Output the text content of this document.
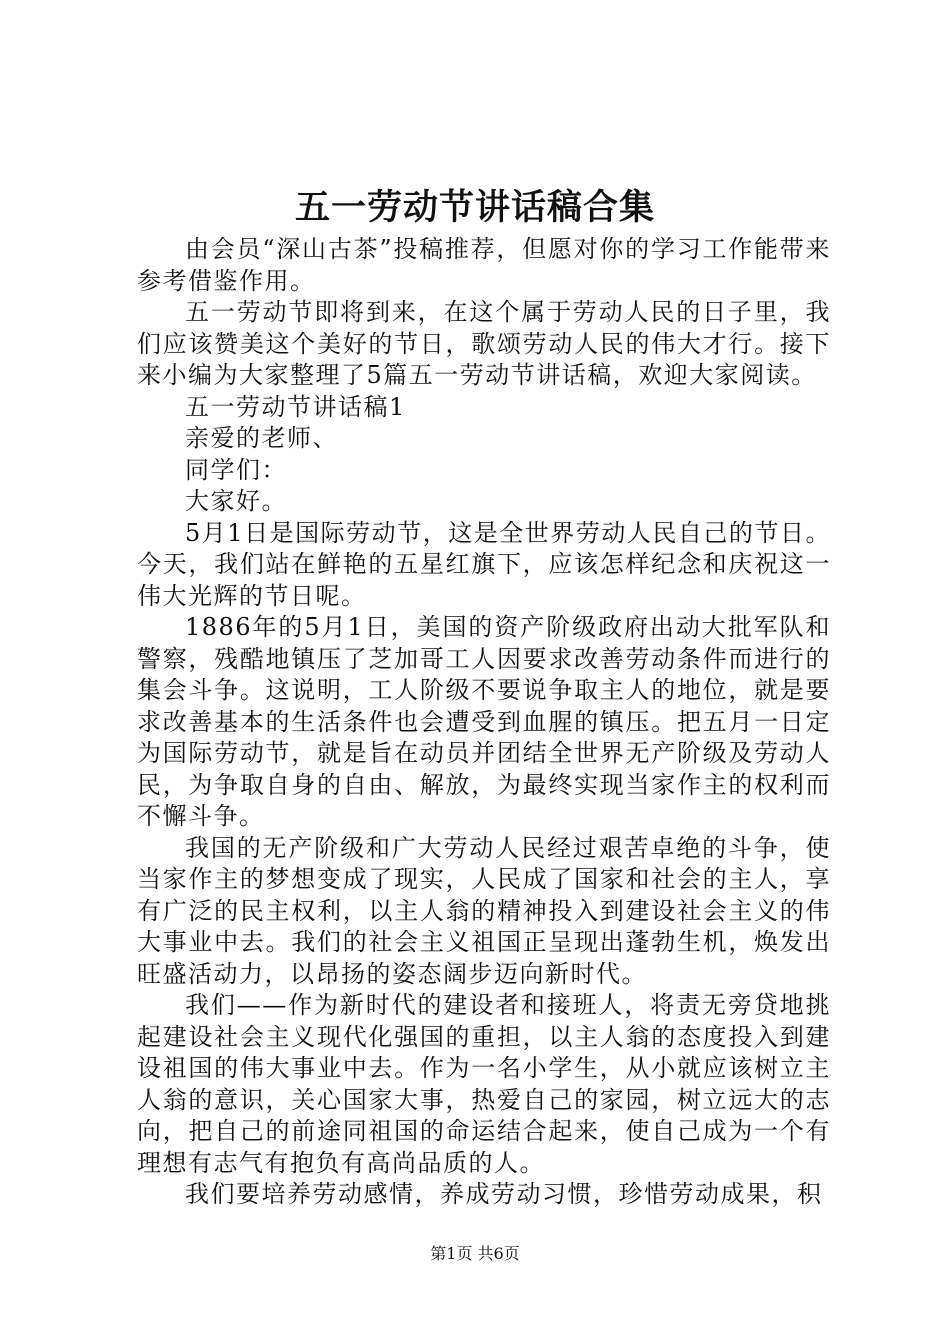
五一劳动节讲话稿合集

由会员“深山古茶”投稿推荐，但愿对你的学习工作能带来参考借鉴作用。

五一劳动节即将到来，在这个属于劳动人民的日子里，我们应该赞美这个美好的节日，歌颂劳动人民的伟大才行。接下来小编为大家整理了5篇五一劳动节讲话稿，欢迎大家阅读。

五一劳动节讲话稿1

亲爱的老师、

同学们：

大家好。

5月1日是国际劳动节，这是全世界劳动人民自己的节日。今天，我们站在鲜艳的五星红旗下，应该怎样纪念和庆祝这一伟大光辉的节日呢。

1886年的5月1日，美国的资产阶级政府出动大批军队和警察，残酷地镇压了芝加哥工人因要求改善劳动条件而进行的集会斗争。这说明，工人阶级不要说争取主人的地位，就是要求改善基本的生活条件也会遭受到血腥的镇压。把五月一日定为国际劳动节，就是旨在动员并团结全世界无产阶级及劳动人民，为争取自身的自由、解放，为最终实现当家作主的权利而不懈斗争。

我国的无产阶级和广大劳动人民经过艰苦卓绝的斗争，使当家作主的梦想变成了现实，人民成了国家和社会的主人，享有广泛的民主权利，以主人翁的精神投入到建设社会主义的伟大事业中去。我们的社会主义祖国正呈现出蓬勃生机，焕发出旺盛活动力，以昂扬的姿态阔步迈向新时代。

我们——作为新时代的建设者和接班人，将责无旁贷地挑起建设社会主义现代化强国的重担，以主人翁的态度投入到建设祖国的伟大事业中去。作为一名小学生，从小就应该树立主人翁的意识，关心国家大事，热爱自己的家园，树立远大的志向，把自己的前途同祖国的命运结合起来，使自己成为一个有理想有志气有抱负有高尚品质的人。

我们要培养劳动感情，养成劳动习惯，珍惜劳动成果，积

第1页 共6页
